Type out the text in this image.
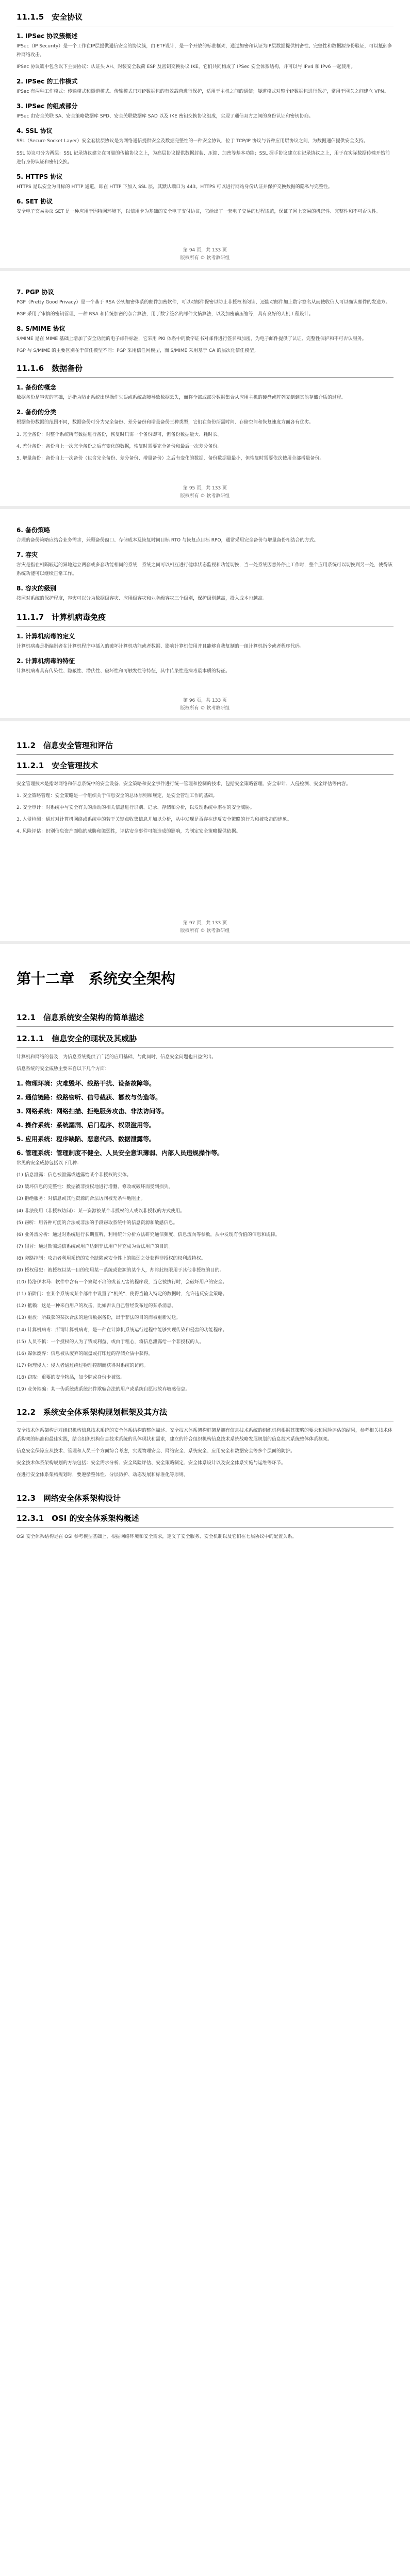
11.1.5　安全协议

1. IPSec 协议簇概述

IPSec（IP Security）是一个工作在IP层提供通信安全的协议簇，由IETF设计，是一个开放的标准框架，通过加密和认证为IP层数据提供机密性、完整性和数据源身份验证，可以抵御多种网络攻击。

IPSec 协议簇中包含以下主要协议：认证头 AH、封装安全载荷 ESP 及密钥交换协议 IKE，它们共同构成了 IPSec 安全体系结构，并可以与 IPv4 和 IPv6 一起使用。

2. IPSec 的工作模式

IPSec 有两种工作模式：传输模式和隧道模式。传输模式只对IP数据包的有效载荷进行保护，适用于主机之间的通信；隧道模式对整个IP数据包进行保护，常用于网关之间建立 VPN。

3. IPSec 的组成部分

IPSec 由安全关联 SA、安全策略数据库 SPD、安全关联数据库 SAD 以及 IKE 密钥交换协议组成，实现了通信双方之间的身份认证和密钥协商。

4. SSL 协议

SSL（Secure Socket Layer）安全套接层协议是为网络通信提供安全及数据完整性的一种安全协议，位于 TCP/IP 协议与各种应用层协议之间，为数据通信提供安全支持。

SSL 协议可分为两层：SSL 记录协议建立在可靠的传输协议之上，为高层协议提供数据封装、压缩、加密等基本功能；SSL 握手协议建立在记录协议之上，用于在实际数据传输开始前进行身份认证和密钥交换。

5. HTTPS 协议

HTTPS 是以安全为目标的 HTTP 通道，即在 HTTP 下加入 SSL 层，其默认端口为 443。HTTPS 可以进行网站身份认证并保护交换数据的隐私与完整性。

6. SET 协议

安全电子交易协议 SET 是一种应用于因特网环境下，以信用卡为基础的安全电子支付协议，它给出了一套电子交易的过程规范，保证了网上交易的机密性、完整性和不可否认性。

第 94 页，共 133 页
版权所有 © 软考教研组

7. PGP 协议

PGP（Pretty Good Privacy）是一个基于 RSA 公钥加密体系的邮件加密软件，可以对邮件保密以防止非授权者阅读，还能对邮件加上数字签名从而使收信人可以确认邮件的发送方。

PGP 采用了审慎的密钥管理，一种 RSA 和传统加密的杂合算法，用于数字签名的邮件文摘算法，以及加密前压缩等，具有良好的人机工程设计。

8. S/MIME 协议

S/MIME 是在 MIME 基础上增加了安全功能的电子邮件标准，它采用 PKI 体系中的数字证书对邮件进行签名和加密，为电子邮件提供了认证、完整性保护和不可否认服务。

PGP 与 S/MIME 的主要区别在于信任模型不同：PGP 采用信任网模型，而 S/MIME 采用基于 CA 的层次化信任模型。

11.1.6　数据备份

1. 备份的概念

数据备份是容灾的基础，是指为防止系统出现操作失误或系统故障导致数据丢失，而将全部或部分数据集合从应用主机的硬盘或阵列复制到其他存储介质的过程。

2. 备份的分类

根据备份数据的范围不同，数据备份可分为完全备份、差分备份和增量备份三种类型，它们在备份所需时间、存储空间和恢复速度方面各有优劣。

3. 完全备份：对整个系统所有数据进行备份，恢复时只需一个备份即可，但备份数据量大、耗时长。

4. 差分备份：备份自上一次完全备份之后有变化的数据，恢复时需要完全备份和最后一次差分备份。

5. 增量备份：备份自上一次备份（包含完全备份、差分备份、增量备份）之后有变化的数据，备份数据量最小，但恢复时需要依次使用全部增量备份。

第 95 页，共 133 页
版权所有 © 软考教研组

6. 备份策略

合理的备份策略应结合业务需求，兼顾备份窗口、存储成本及恢复时间目标 RTO 与恢复点目标 RPO，通常采用完全备份与增量备份相结合的方式。

7. 容灾

容灾是指在相隔较远的异地建立两套或多套功能相同的系统，系统之间可以相互进行健康状态监视和功能切换，当一处系统因意外停止工作时，整个应用系统可以切换到另一处，使得该系统功能可以继续正常工作。

8. 容灾的级别

按照对系统的保护程度，容灾可以分为数据级容灾、应用级容灾和业务级容灾三个级别，保护级别越高，投入成本也越高。

11.1.7　计算机病毒免疫

1. 计算机病毒的定义

计算机病毒是指编制者在计算机程序中插入的破坏计算机功能或者数据、影响计算机使用并且能够自我复制的一组计算机指令或者程序代码。

2. 计算机病毒的特征

计算机病毒具有传染性、隐蔽性、潜伏性、破坏性和可触发性等特征，其中传染性是病毒最本质的特征。

第 96 页，共 133 页
版权所有 © 软考教研组
11.2　信息安全管理和评估
11.2.1　安全管理技术

安全管理技术是指对网络和信息系统中的安全设备、安全策略和安全事件进行统一管理和控制的技术，包括安全策略管理、安全审计、入侵检测、安全评估等内容。

1. 安全策略管理：安全策略是一个组织关于信息安全的总体原则和规定，是安全管理工作的基础。

2. 安全审计：对系统中与安全有关的活动的相关信息进行识别、记录、存储和分析，以发现系统中潜在的安全威胁。

3. 入侵检测：通过对计算机网络或系统中的若干关键点收集信息并加以分析，从中发现是否存在违反安全策略的行为和被攻击的迹象。

4. 风险评估：识别信息资产面临的威胁和脆弱性，评估安全事件可能造成的影响，为制定安全策略提供依据。

第 97 页，共 133 页
版权所有 © 软考教研组
第十二章　系统安全架构
12.1　信息系统安全架构的简单描述
12.1.1　信息安全的现状及其威胁

计算机和网络的普及，为信息系统提供了广泛的应用基础，与此同时，信息安全问题也日益突出。

信息系统的安全威胁主要来自以下几个方面：

1. 物理环境：灾难毁坏、线路干扰、设备故障等。

2. 通信链路：线路窃听、信号截获、篡改与伪造等。

3. 网络系统：网络扫描、拒绝服务攻击、非法访问等。

4. 操作系统：系统漏洞、后门程序、权限滥用等。

5. 应用系统：程序缺陷、恶意代码、数据泄露等。

6. 管理系统：管理制度不健全、人员安全意识薄弱、内部人员违规操作等。

常见的安全威胁包括以下几种：

(1) 信息泄露：信息被泄露或透露给某个非授权的实体。

(2) 破坏信息的完整性：数据被非授权地进行增删、修改或破坏而受到损失。

(3) 拒绝服务：对信息或其他资源的合法访问被无条件地阻止。

(4) 非法使用（非授权访问）：某一资源被某个非授权的人或以非授权的方式使用。

(5) 窃听：用各种可能的合法或非法的手段窃取系统中的信息资源和敏感信息。

(6) 业务流分析：通过对系统进行长期监听，利用统计分析方法研究通信频度、信息流向等参数，从中发现有价值的信息和规律。

(7) 假冒：通过欺骗通信系统或用户达到非法用户冒充成为合法用户的目的。

(8) 旁路控制：攻击者利用系统的安全缺陷或安全性上的脆弱之处获得非授权的权利或特权。

(9) 授权侵犯：被授权以某一目的使用某一系统或资源的某个人，却将此权限用于其他非授权的目的。

(10) 特洛伊木马：软件中含有一个察觉不出的或者无害的程序段，当它被执行时，会破坏用户的安全。

(11) 陷阱门：在某个系统或某个部件中设置了“机关”，使得当输入特定的数据时，允许违反安全策略。

(12) 抵赖：这是一种来自用户的攻击，比如否认自己曾经发布过的某条消息。

(13) 重放：所截获的某次合法的通信数据备份，出于非法的目的而被重新发送。

(14) 计算机病毒：所谓计算机病毒，是一种在计算机系统运行过程中能够实现传染和侵害的功能程序。

(15) 人员不慎：一个授权的人为了钱或利益、或由于粗心，将信息泄露给一个非授权的人。

(16) 媒体废弃：信息被从废弃的磁盘或打印过的存储介质中获得。

(17) 物理侵入：侵入者通过绕过物理控制而获得对系统的访问。

(18) 窃取：重要的安全物品，如令牌或身份卡被盗。

(19) 业务欺骗：某一伪系统或系统部件欺骗合法的用户或系统自愿地放弃敏感信息。

12.2　系统安全体系架构规划框架及其方法

安全技术体系架构是对组织机构信息技术系统的安全体系结构的整体描述。安全技术体系架构框架是拥有信息技术系统的组织机构根据其策略的要求和风险评估的结果，参考相关技术体系构架的标准和最佳实践，结合组织机构信息技术系统的具体现状和需求，建立的符合组织机构信息技术系统战略发展规划的信息技术系统整体体系框架。

信息安全保障应从技术、管理和人员三个方面综合考虑，实现物理安全、网络安全、系统安全、应用安全和数据安全等多个层面的防护。

安全技术体系架构规划的方法包括：安全需求分析、安全风险评估、安全策略制定、安全体系设计以及安全体系实施与运维等环节。

在进行安全体系架构规划时，要遵循整体性、分层防护、动态发展和标准化等原则。

12.3　网络安全体系架构设计
12.3.1　OSI 的安全体系架构概述

OSI 安全体系结构是在 OSI 参考模型基础上，根据网络环境和安全需求，定义了安全服务、安全机制以及它们在七层协议中的配置关系。
